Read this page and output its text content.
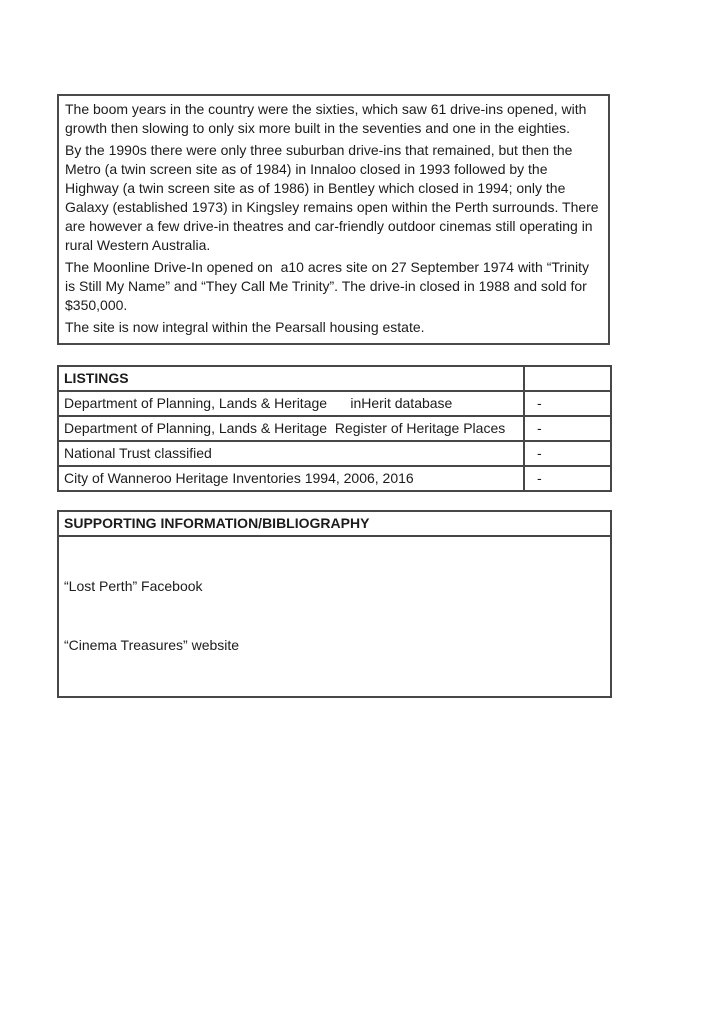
The boom years in the country were the sixties, which saw 61 drive-ins opened, with growth then slowing to only six more built in the seventies and one in the eighties.

By the 1990s there were only three suburban drive-ins that remained, but then the Metro (a twin screen site as of 1984) in Innaloo closed in 1993 followed by the Highway (a twin screen site as of 1986) in Bentley which closed in 1994; only the Galaxy (established 1973) in Kingsley remains open within the Perth surrounds. There are however a few drive-in theatres and car-friendly outdoor cinemas still operating in rural Western Australia.

The Moonline Drive-In opened on  a10 acres site on 27 September 1974 with “Trinity is Still My Name” and “They Call Me Trinity”. The drive-in closed in 1988 and sold for $350,000.

The site is now integral within the Pearsall housing estate.

LISTINGS	
Department of Planning, Lands & Heritage      inHerit database	-
Department of Planning, Lands & Heritage  Register of Heritage Places	-
National Trust classified	-
City of Wanneroo Heritage Inventories 1994, 2006, 2016	-
SUPPORTING INFORMATION/BIBLIOGRAPHY

“Lost Perth” Facebook

“Cinema Treasures” website
